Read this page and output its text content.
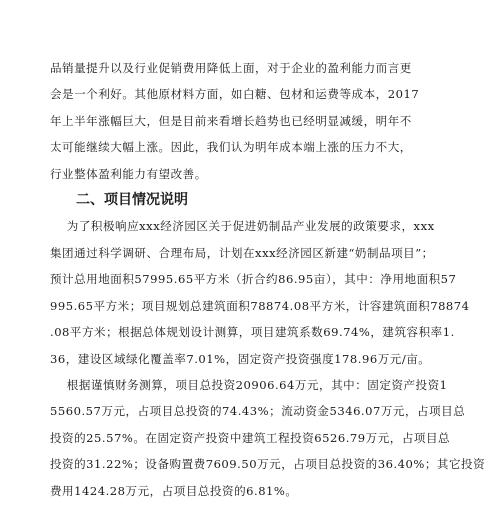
品销量提升以及行业促销费用降低上面，对于企业的盈利能力而言更
会是一个利好。其他原材料方面，如白糖、包材和运费等成本，2017
年上半年涨幅巨大，但是目前来看增长趋势也已经明显减缓，明年不
太可能继续大幅上涨。因此，我们认为明年成本端上涨的压力不大，
行业整体盈利能力有望改善。
二、项目情况说明
为了积极响应xxx经济园区关于促进奶制品产业发展的政策要求，xxx
集团通过科学调研、合理布局，计划在xxx经济园区新建“奶制品项目”；
预计总用地面积57995.65平方米（折合约86.95亩），其中：净用地面积57
995.65平方米；项目规划总建筑面积78874.08平方米，计容建筑面积78874
.08平方米；根据总体规划设计测算，项目建筑系数69.74%，建筑容积率1.
36，建设区域绿化覆盖率7.01%，固定资产投资强度178.96万元/亩。
根据谨慎财务测算，项目总投资20906.64万元，其中：固定资产投资1
5560.57万元，占项目总投资的74.43%；流动资金5346.07万元，占项目总
投资的25.57%。在固定资产投资中建筑工程投资6526.79万元，占项目总
投资的31.22%；设备购置费7609.50万元，占项目总投资的36.40%；其它投资
费用1424.28万元，占项目总投资的6.81%。
